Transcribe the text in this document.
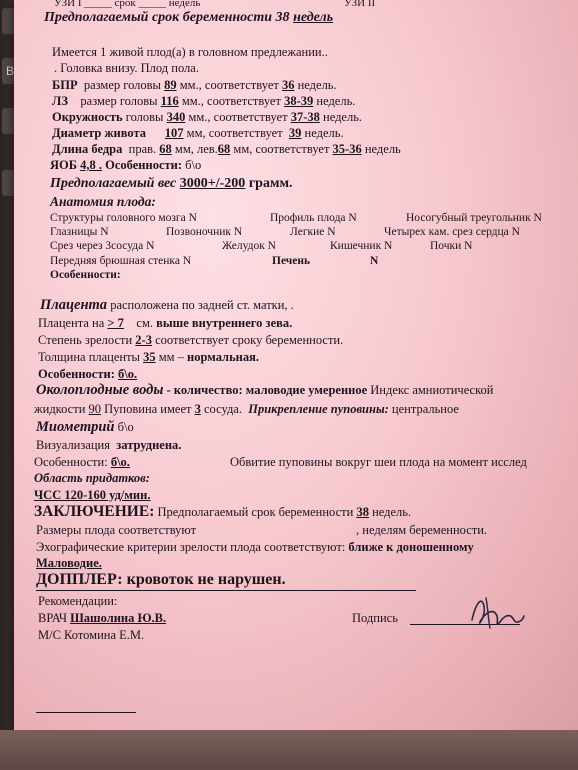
B
УЗИ I _____ срок _____ недель	УЗИ II
Предполагаемый срок беременности 38 недель
Имеется 1 живой плод(а) в головном предлежании..
. Головка внизу. Плод пола.
БПР размер головы 89 мм., соответствует 36 недель.
ЛЗ размер головы 116 мм., соответствует 38-39 недель.
Окружность головы 340 мм., соответствует 37-38 недель.
Диаметр живота 107 мм, соответствует 39 недель.
Длина бедра прав. 68 мм, лев.68 мм, соответствует 35-36 недель
ЯОБ 4,8 . Особенности: б\о
Предполагаемый вес 3000+/-200 грамм.
Анатомия плода:
Структуры головного мозга N	Профиль плода N	Носогубный треугольник N
Глазницы N	Позвоночник N	Легкие N	Четырех кам. срез сердца N
Срез через 3сосуда N	Желудок N	Кишечник N	Почки N
Передняя брюшная стенка N	Печень	N
Особенности:
Плацента расположена по задней ст. матки, .
Плацента на > 7 см. выше внутреннего зева.
Степень зрелости 2-3 соответствует сроку беременности.
Толщина плаценты 35 мм – нормальная.
Особенности: б\о.
Околоплодные воды - количество: маловодие умеренное Индекс амниотической
жидкости 90 Пуповина имеет 3 сосуда. Прикрепление пуповины: центральное
Миометрий б\о
Визуализация затруднена.
Особенности: б\о.	Обвитие пуповины вокруг шеи плода на момент исслед
Область придатков:
ЧСС 120-160 уд/мин.
ЗАКЛЮЧЕНИЕ: Предполагаемый срок беременности 38 недель.
Размеры плода соответствуют	, неделям беременности.
Эхографические критерии зрелости плода соответствуют: ближе к доношенному
Маловодие.
ДОППЛЕР: кровоток не нарушен.
Рекомендации:
ВРАЧ Шашолина Ю.В.	Подпись
М/С Котомина Е.М.
